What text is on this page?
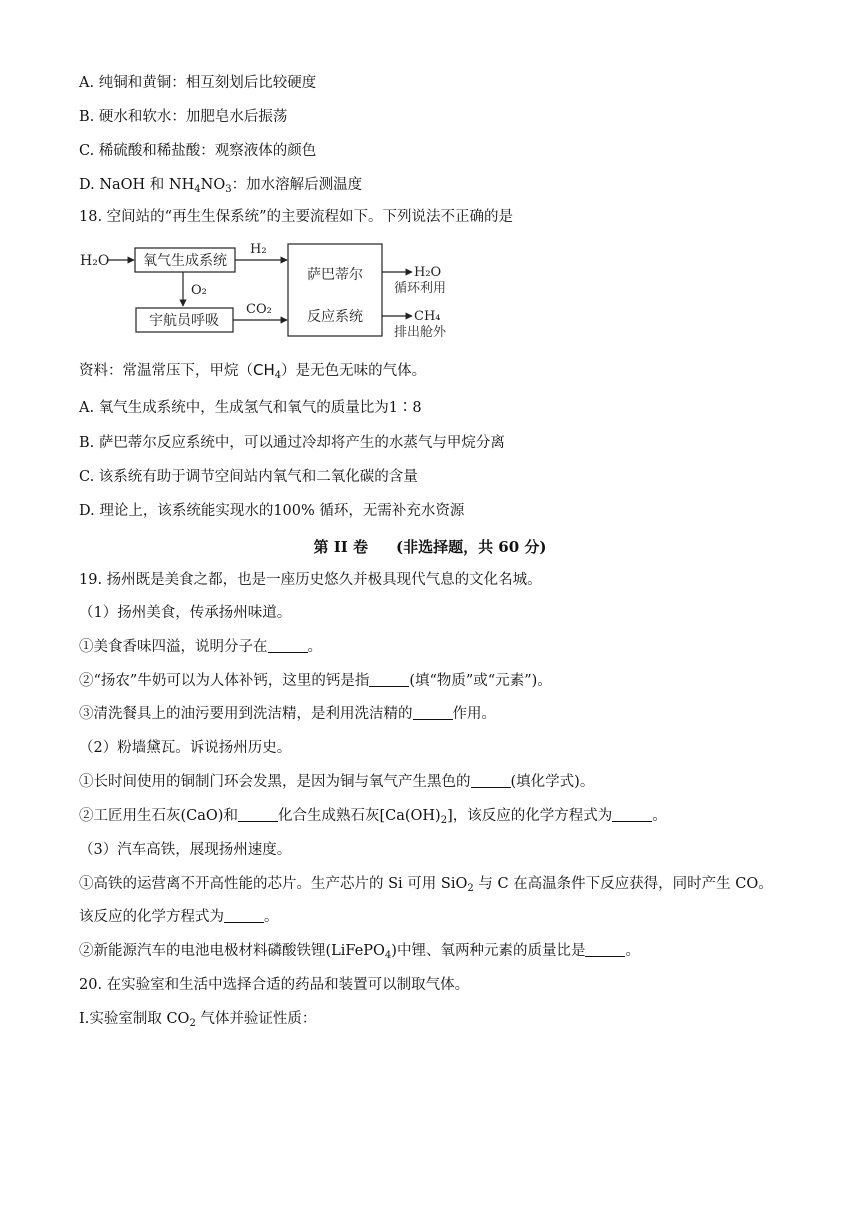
A. 纯铜和黄铜：相互刻划后比较硬度
B. 硬水和软水：加肥皂水后振荡
C. 稀硫酸和稀盐酸：观察液体的颜色
D. NaOH 和 $NH_4NO_3$：加水溶解后测温度
18. 空间站的“再生生保系统”的主要流程如下。下列说法不正确的是
H₂O 氧气生成系统
H₂
O₂
宇航员呼吸
CO₂
萨巴蒂尔
反应系统
H₂O
循环利用
CH₄
排出舱外
资料：常温常压下，甲烷$(CH_4)$是无色无味的气体。
A. 氧气生成系统中，生成氢气和氧气的质量比为1∶8
B. 萨巴蒂尔反应系统中，可以通过冷却将产生的水蒸气与甲烷分离
C. 该系统有助于调节空间站内氧气和二氧化碳的含量
D. 理论上，该系统能实现水的100% 循环，无需补充水资源
第 II 卷 (非选择题，共 60 分)
19. 扬州既是美食之都，也是一座历史悠久并极具现代气息的文化名城。
（1）扬州美食，传承扬州味道。
①美食香味四溢，说明分子在	。
②“扬农”牛奶可以为人体补钙，这里的钙是指	(填“物质”或“元素”)。
③清洗餐具上的油污要用到洗洁精，是利用洗洁精的	作用。
（2）粉墙黛瓦。诉说扬州历史。
①长时间使用的铜制门环会发黑，是因为铜与氧气产生黑色的	(填化学式)。
②工匠用生石灰(CaO)和	化合生成熟石灰$[Ca(OH)_2]$，该反应的化学方程式为	。
（3）汽车高铁，展现扬州速度。
①高铁的运营离不开高性能的芯片。生产芯片的 Si 可用 SiO$_2$ 与 C 在高温条件下反应获得，同时产生 CO。
该反应的化学方程式为	。
②新能源汽车的电池电极材料磷酸铁锂(LiFePO$_4$)中锂、氧两种元素的质量比是	。
20. 在实验室和生活中选择合适的药品和装置可以制取气体。
I.实验室制取 $CO_2$ 气体并验证性质：
